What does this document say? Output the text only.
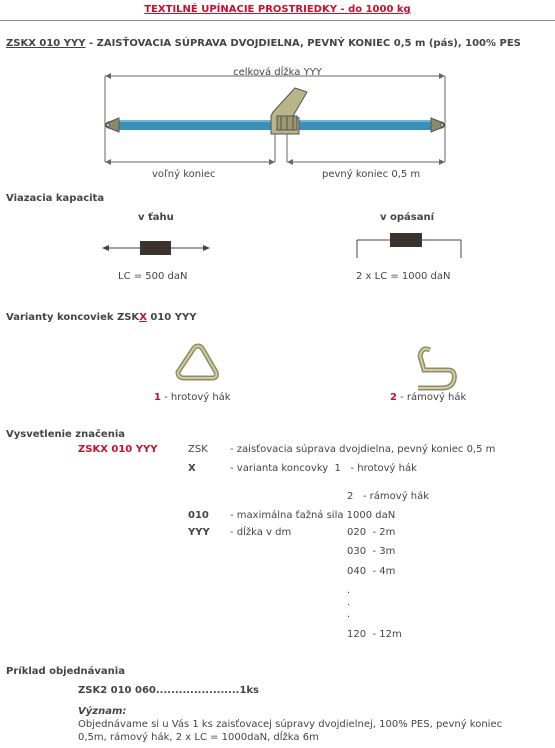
TEXTILNÉ UPÍNACIE PROSTRIEDKY - do 1000 kg
ZSKX 010 YYY - ZAISŤOVACIA SÚPRAVA DVOJDIELNA, PEVNÝ KONIEC 0,5 m (pás), 100% PES
celková dĺžka YYY
voľný koniec	pevný koniec 0,5 m
Viazacia kapacita
v ťahu	v opásaní
LC = 500 daN	2 x LC = 1000 daN
Varianty koncoviek ZSKX 010 YYY
1 - hrotový hák	2 - rámový hák
Vysvetlenie značenia
ZSKX 010 YYY	ZSK - zaisťovacia súprava dvojdielna, pevný koniec 0,5 m
X	- varianta koncovky  1   - hrotový hák
2   - rámový hák
010 - maximálna ťažná sila 1000 daN
YYY - dĺžka v dm	020  - 2m
030  - 3m
040  - 4m
.
.
.
120  - 12m
Príklad objednávania
ZSK2 010 060......................1ks
Význam:
Objednávame si u Vás 1 ks zaisťovacej súpravy dvojdielnej, 100% PES, pevný koniec 0,5m, rámový hák, 2 x LC = 1000daN, dĺžka 6m
